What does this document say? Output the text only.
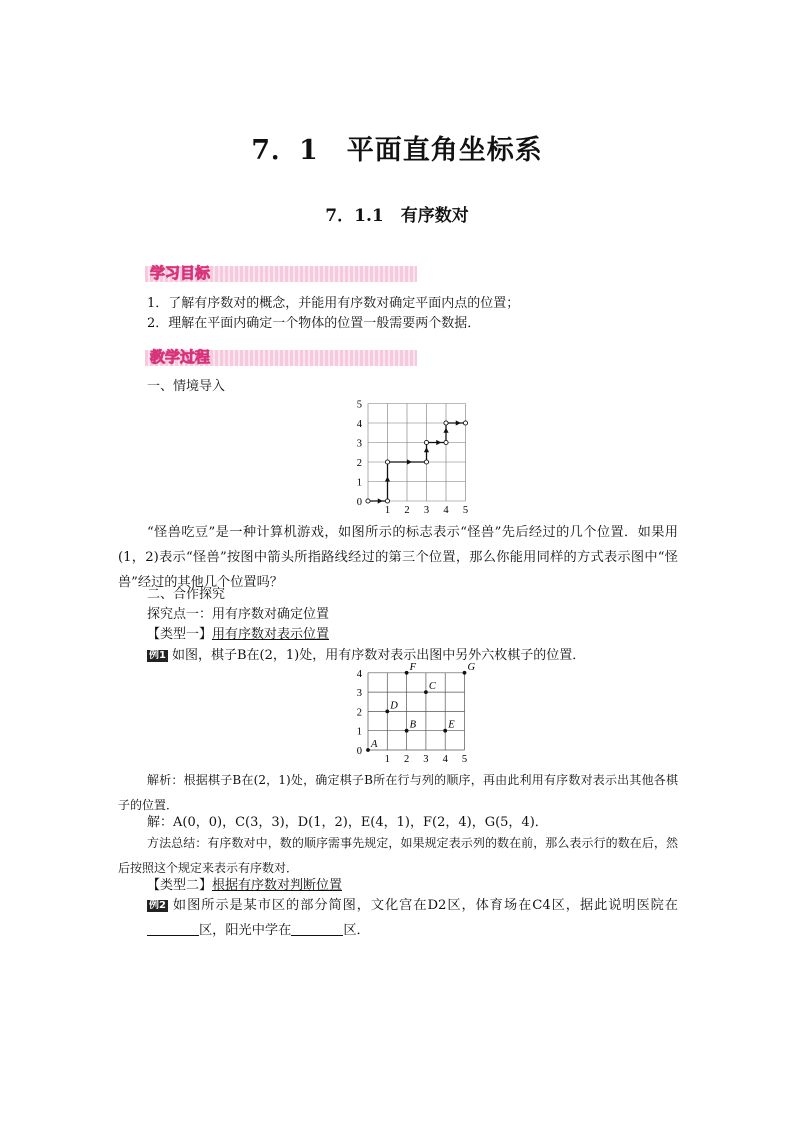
7．1　平面直角坐标系
7．1.1　有序数对
学习目标
1．了解有序数对的概念，并能用有序数对确定平面内点的位置；
2．理解在平面内确定一个物体的位置一般需要两个数据．
教学过程
一、情境导入
1 2 3 4 5
0
1
2
3
4
5
“怪兽吃豆”是一种计算机游戏，如图所示的标志表示“怪兽”先后经过的几个位置．如果用(1，2)表示“怪兽”按图中箭头所指路线经过的第三个位置，那么你能用同样的方式表示图中“怪兽”经过的其他几个位置吗？
二、合作探究
探究点一：用有序数对确定位置
【类型一】用有序数对表示位置
例1 如图，棋子B在(2，1)处，用有序数对表示出图中另外六枚棋子的位置．
1 2 3 4 5
0
1
2
3
4
A
B
C
D
E
F	G
解析：根据棋子B在(2，1)处，确定棋子B所在行与列的顺序，再由此利用有序数对表示出其他各棋子的位置．
解：A(0，0)，C(3，3)，D(1，2)，E(4，1)，F(2，4)，G(5，4)．
方法总结：有序数对中，数的顺序需事先规定，如果规定表示列的数在前，那么表示行的数在后，然后按照这个规定来表示有序数对．
【类型二】根据有序数对判断位置
例2 如图所示是某市区的部分简图，文化宫在D2区，体育场在C4区，据此说明医院在区，阳光中学在	区．
